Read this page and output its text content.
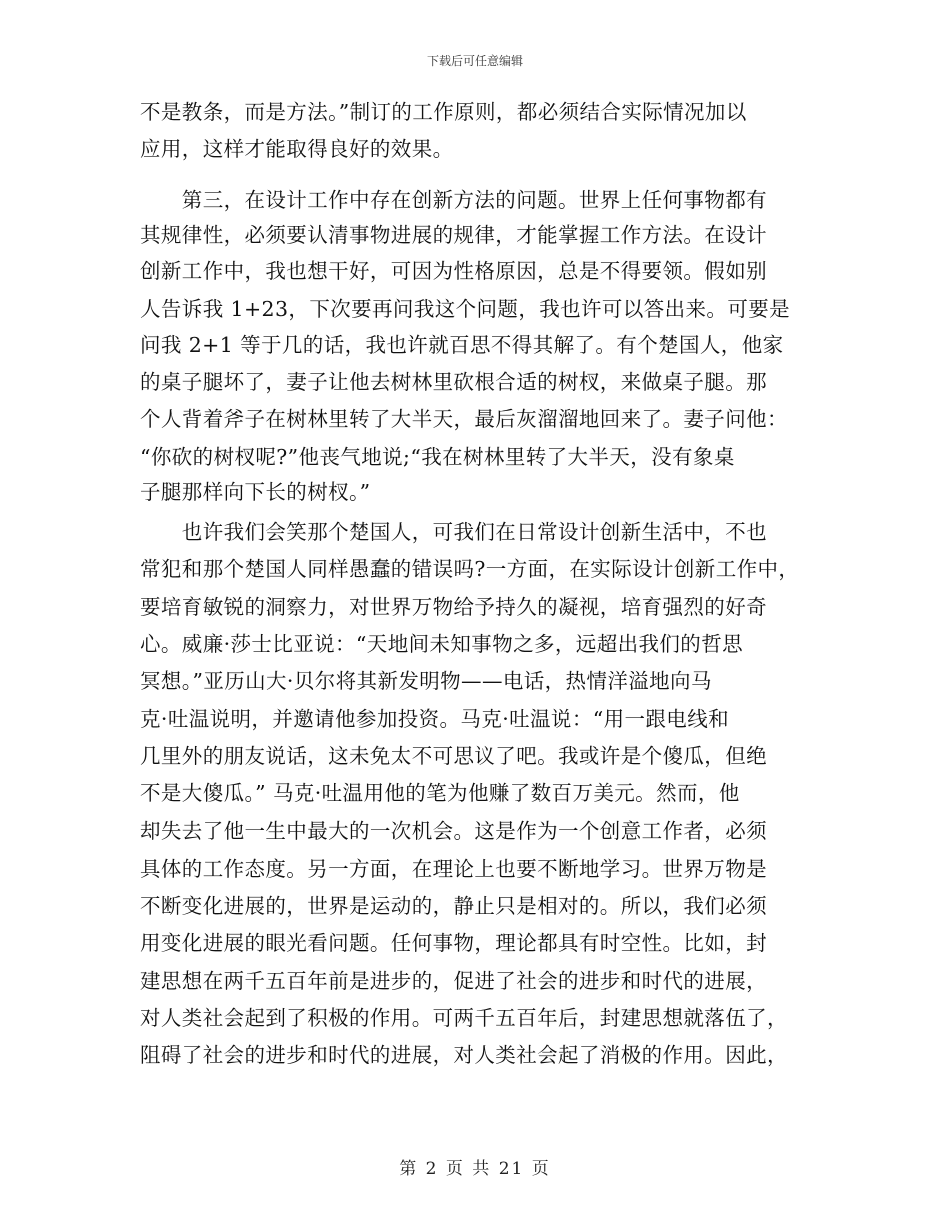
下载后可任意编辑
不是教条，而是方法。”制订的工作原则，都必须结合实际情况加以
应用，这样才能取得良好的效果。
　　第三，在设计工作中存在创新方法的问题。世界上任何事物都有
其规律性，必须要认清事物进展的规律，才能掌握工作方法。在设计
创新工作中，我也想干好，可因为性格原因，总是不得要领。假如别
人告诉我 1+23，下次要再问我这个问题，我也许可以答出来。可要是
问我 2+1 等于几的话，我也许就百思不得其解了。有个楚国人，他家
的桌子腿坏了，妻子让他去树林里砍根合适的树杈，来做桌子腿。那
个人背着斧子在树林里转了大半天，最后灰溜溜地回来了。妻子问他：
“你砍的树杈呢?”他丧气地说;“我在树林里转了大半天，没有象桌
子腿那样向下长的树杈。”
　　也许我们会笑那个楚国人，可我们在日常设计创新生活中，不也
常犯和那个楚国人同样愚蠢的错误吗?一方面，在实际设计创新工作中，
要培育敏锐的洞察力，对世界万物给予持久的凝视，培育强烈的好奇
心。威廉·莎士比亚说：“天地间未知事物之多，远超出我们的哲思
冥想。”亚历山大·贝尔将其新发明物——电话，热情洋溢地向马
克·吐温说明，并邀请他参加投资。马克·吐温说：“用一跟电线和
几里外的朋友说话，这未免太不可思议了吧。我或许是个傻瓜，但绝
不是大傻瓜。” 马克·吐温用他的笔为他赚了数百万美元。然而，他
却失去了他一生中最大的一次机会。这是作为一个创意工作者，必须
具体的工作态度。另一方面，在理论上也要不断地学习。世界万物是
不断变化进展的，世界是运动的，静止只是相对的。所以，我们必须
用变化进展的眼光看问题。任何事物，理论都具有时空性。比如，封
建思想在两千五百年前是进步的，促进了社会的进步和时代的进展，
对人类社会起到了积极的作用。可两千五百年后，封建思想就落伍了，
阻碍了社会的进步和时代的进展，对人类社会起了消极的作用。因此，
第 2 页 共 21 页
